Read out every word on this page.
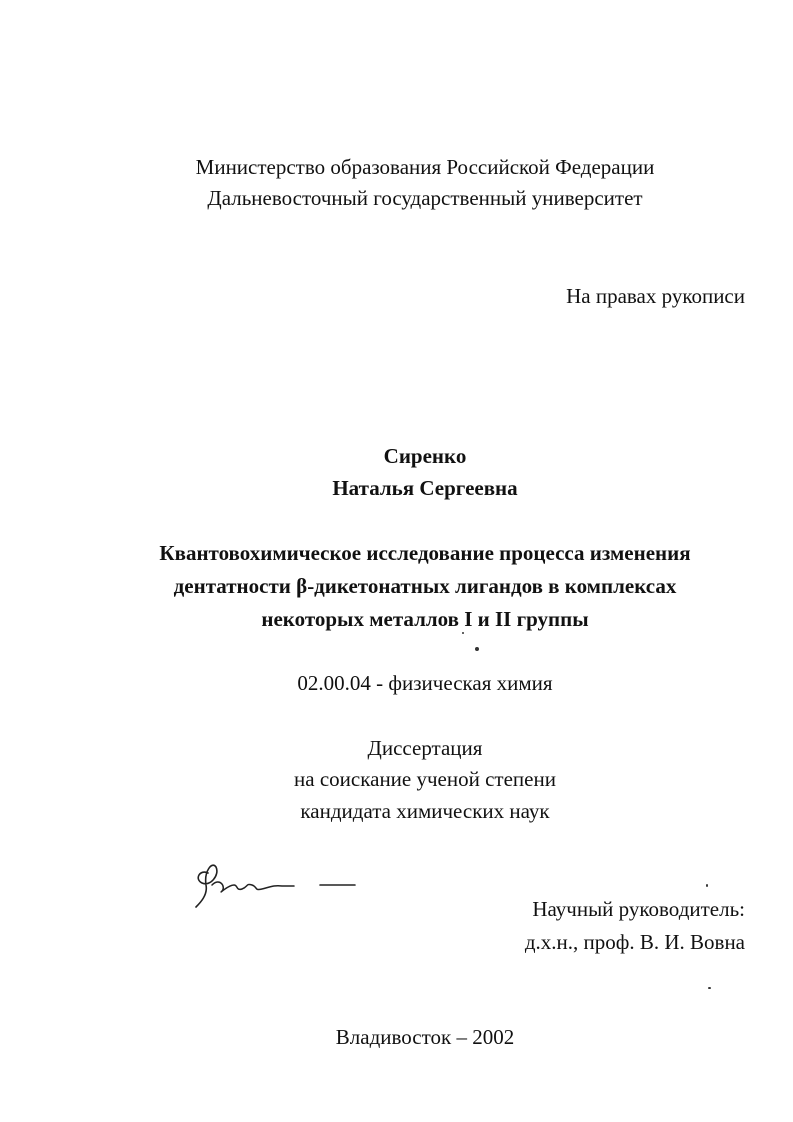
Министерство образования Российской Федерации
Дальневосточный государственный университет
На правах рукописи
Сиренко
Наталья Сергеевна
Квантовохимическое исследование процесса изменения
дентатности β-дикетонатных лигандов в комплексах
некоторых металлов I и II группы
02.00.04 - физическая химия
Диссертация
на соискание ученой степени
кандидата химических наук
Научный руководитель:
д.х.н., проф. В. И. Вовна
Владивосток – 2002
